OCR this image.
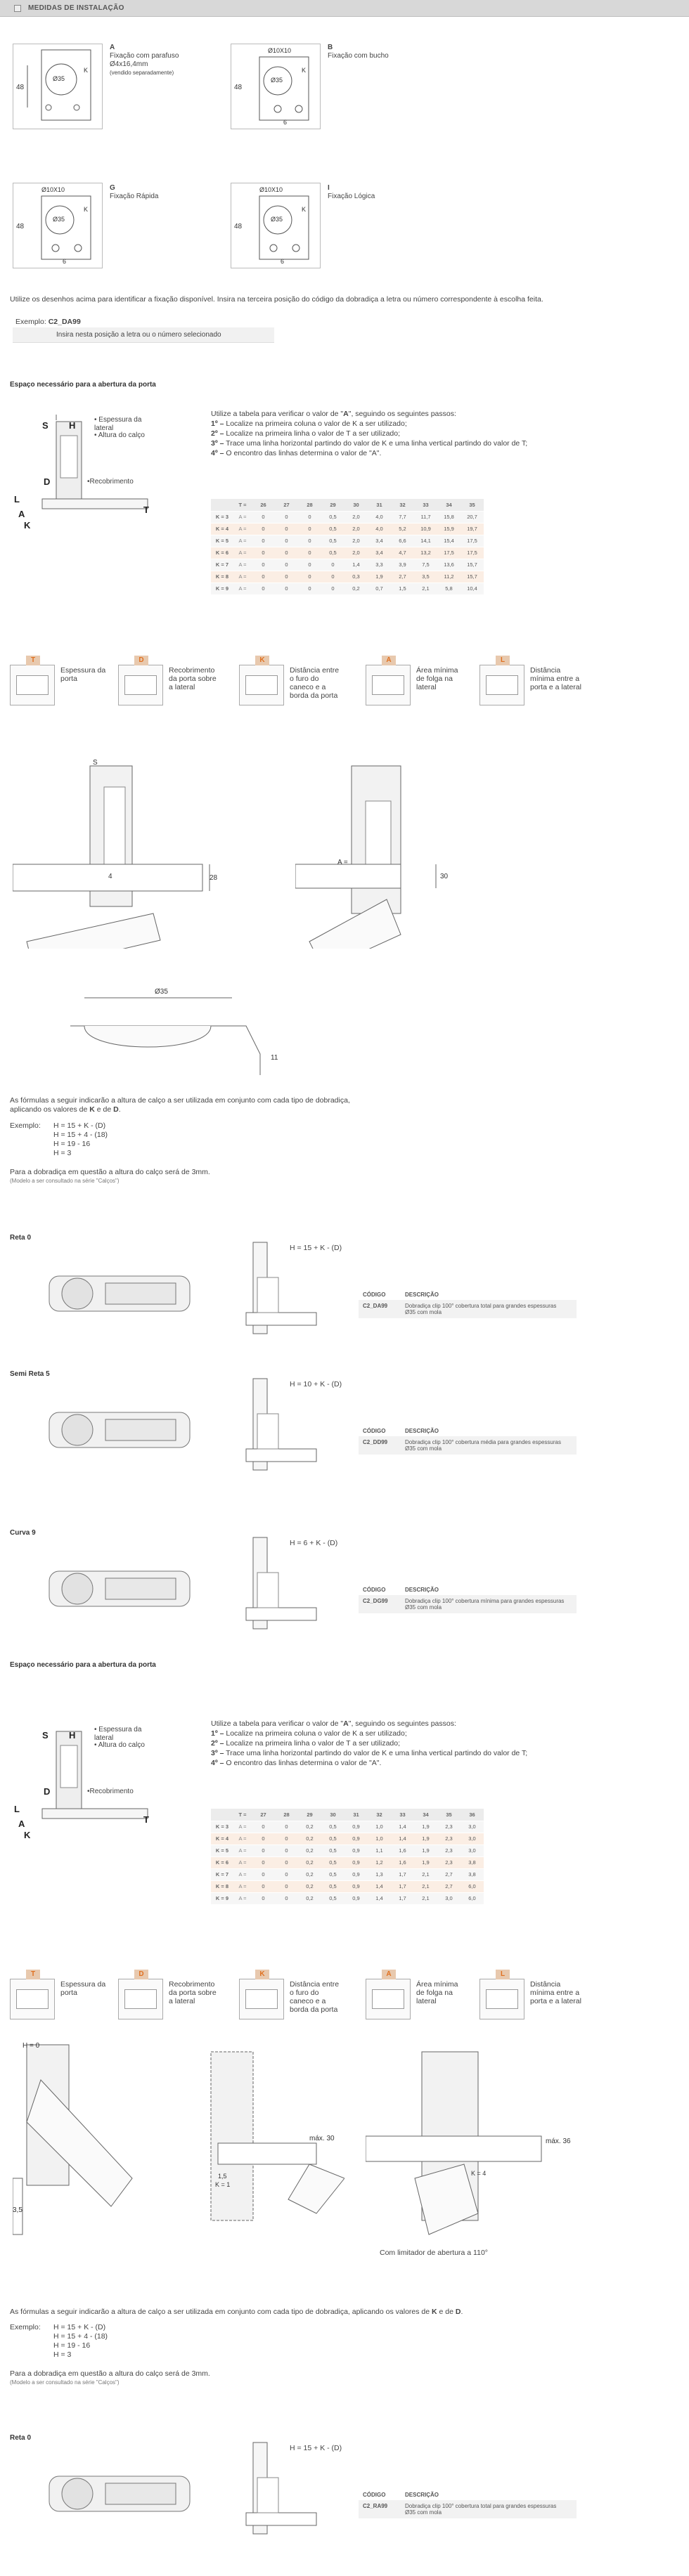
MEDIDAS DE INSTALAÇÃO
48
Ø35
K
A
Fixação com parafuso
Ø4x16,4mm
(vendido separadamente)
Ø10X10
48
Ø35
K
6
B
Fixação com bucho
Ø10X10
48
Ø35
K
6
G
Fixação Rápida
Ø10X10
48
Ø35
K
6
I
Fixação Lógica
Utilize os desenhos acima para identificar a fixação disponível. Insira na terceira posição do código da dobradiça a letra ou número correspondente à escolha feita.
Exemplo: C2_DA99
Insira nesta posição a letra ou o número selecionado
Espaço necessário para a abertura da porta
S H
D
L
A
K
T
• Espessura da lateral
• Altura do calço
•Recobrimento
Utilize a tabela para verificar o valor de "A", seguindo os seguintes passos:
1º – Localize na primeira coluna o valor de K a ser utilizado;
2º – Localize na primeira linha o valor de T a ser utilizado;
3º – Trace uma linha horizontal partindo do valor de K e uma linha vertical partindo do valor de T;
4º – O encontro das linhas determina o valor de "A".
	T =	26	27	28	29	30	31	32	33	34	35
K = 3	A =	0	0	0	0,5	2,0	4,0	7,7	11,7	15,8	20,7
K = 4	A =	0	0	0	0,5	2,0	4,0	5,2	10,9	15,9	19,7
K = 5	A =	0	0	0	0,5	2,0	3,4	6,6	14,1	15,4	17,5
K = 6	A =	0	0	0	0,5	2,0	3,4	4,7	13,2	17,5	17,5
K = 7	A =	0	0	0	0	1,4	3,3	3,9	7,5	13,6	15,7
K = 8	A =	0	0	0	0	0,3	1,9	2,7	3,5	11,2	15,7
K = 9	A =	0	0	0	0	0,2	0,7	1,5	2,1	5,8	10,4
T
Espessura da porta
D
Recobrimento da porta sobre a lateral
K
Distância entre o furo do caneco e a borda da porta
A
Área mínima de folga na lateral
L
Distância mínima entre a porta e a lateral
S
28
4
A =
30
Ø35
11
As fórmulas a seguir indicarão a altura de calço a ser utilizada em conjunto com cada tipo de dobradiça, aplicando os valores de K e de D.
Exemplo: H = 15 + K - (D)
H = 15 + 4 - (18)
H = 19 - 16
H = 3
Para a dobradiça em questão a altura do calço será de 3mm.
(Modelo a ser consultado na série "Calços")
Reta 0
H = 15 + K - (D)
CÓDIGO	DESCRIÇÃO
C2_DA99	Dobradiça clip 100° cobertura total para grandes espessuras Ø35 com mola
Semi Reta 5
H = 10 + K - (D)
CÓDIGO	DESCRIÇÃO
C2_DD99	Dobradiça clip 100° cobertura média para grandes espessuras Ø35 com mola
Curva 9
H = 6 + K - (D)
CÓDIGO	DESCRIÇÃO
C2_DG99	Dobradiça clip 100° cobertura mínima para grandes espessuras Ø35 com mola
Espaço necessário para a abertura da porta
S H
D
L
A
K
T
• Espessura da lateral
• Altura do calço
•Recobrimento
Utilize a tabela para verificar o valor de "A", seguindo os seguintes passos:
1º – Localize na primeira coluna o valor de K a ser utilizado;
2º – Localize na primeira linha o valor de T a ser utilizado;
3º – Trace uma linha horizontal partindo do valor de K e uma linha vertical partindo do valor de T;
4º – O encontro das linhas determina o valor de "A".
	T =	27	28	29	30	31	32	33	34	35	36
K = 3	A =	0	0	0,2	0,5	0,9	1,0	1,4	1,9	2,3	3,0
K = 4	A =	0	0	0,2	0,5	0,9	1,0	1,4	1,9	2,3	3,0
K = 5	A =	0	0	0,2	0,5	0,9	1,1	1,6	1,9	2,3	3,0
K = 6	A =	0	0	0,2	0,5	0,9	1,2	1,6	1,9	2,3	3,8
K = 7	A =	0	0	0,2	0,5	0,9	1,3	1,7	2,1	2,7	3,8
K = 8	A =	0	0	0,2	0,5	0,9	1,4	1,7	2,1	2,7	6,0
K = 9	A =	0	0	0,2	0,5	0,9	1,4	1,7	2,1	3,0	6,0
T
Espessura da porta
D
Recobrimento da porta sobre a lateral
K
Distância entre o furo do caneco e a borda da porta
A
Área mínima de folga na lateral
L
Distância mínima entre a porta e a lateral
H = 0
3,5
máx. 30
1,5
K = 1
máx. 36
K = 4
Com limitador de abertura a 110°
As fórmulas a seguir indicarão a altura de calço a ser utilizada em conjunto com cada tipo de dobradiça, aplicando os valores de K e de D.
Exemplo: H = 15 + K - (D)
H = 15 + 4 - (18)
H = 19 - 16
H = 3
Para a dobradiça em questão a altura do calço será de 3mm.
(Modelo a ser consultado na série "Calços")
Reta 0
H = 15 + K - (D)
CÓDIGO	DESCRIÇÃO
C2_RA99	Dobradiça clip 100° cobertura total para grandes espessuras Ø35 com mola
